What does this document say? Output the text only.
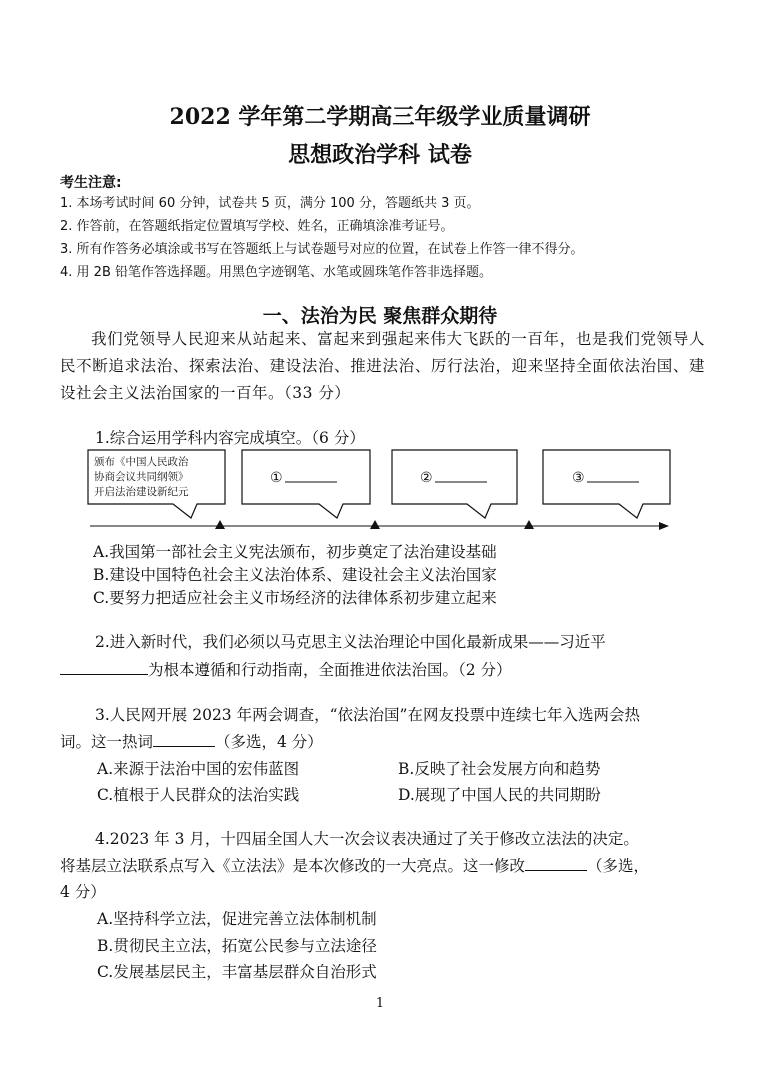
2022 学年第二学期高三年级学业质量调研
思想政治学科 试卷
考生注意:
1. 本场考试时间 60 分钟，试卷共 5 页，满分 100 分，答题纸共 3 页。
2. 作答前，在答题纸指定位置填写学校、姓名，正确填涂准考证号。
3. 所有作答务必填涂或书写在答题纸上与试卷题号对应的位置，在试卷上作答一律不得分。
4. 用 2B 铅笔作答选择题。用黑色字迹钢笔、水笔或圆珠笔作答非选择题。
一、法治为民 聚焦群众期待
我们党领导人民迎来从站起来、富起来到强起来伟大飞跃的一百年，也是我们党领导人民不断追求法治、探索法治、建设法治、推进法治、厉行法治，迎来坚持全面依法治国、建设社会主义法治国家的一百年。（33 分）
1.综合运用学科内容完成填空。（6 分）
颁布《中国人民政治
协商会议共同纲领》
开启法治建设新纪元
①	②	③
A.我国第一部社会主义宪法颁布，初步奠定了法治建设基础
B.建设中国特色社会主义法治体系、建设社会主义法治国家
C.要努力把适应社会主义市场经济的法律体系初步建立起来
2.进入新时代，我们必须以马克思主义法治理论中国化最新成果——习近平
为根本遵循和行动指南，全面推进依法治国。（2 分）
3.人民网开展 2023 年两会调查，“依法治国”在网友投票中连续七年入选两会热
词。这一热词	（多选，4 分）
A.来源于法治中国的宏伟蓝图	B.反映了社会发展方向和趋势
C.植根于人民群众的法治实践	D.展现了中国人民的共同期盼
4.2023 年 3 月，十四届全国人大一次会议表决通过了关于修改立法法的决定。
将基层立法联系点写入《立法法》是本次修改的一大亮点。这一修改	（多选，
4 分）
A.坚持科学立法，促进完善立法体制机制
B.贯彻民主立法，拓宽公民参与立法途径
C.发展基层民主，丰富基层群众自治形式
1
